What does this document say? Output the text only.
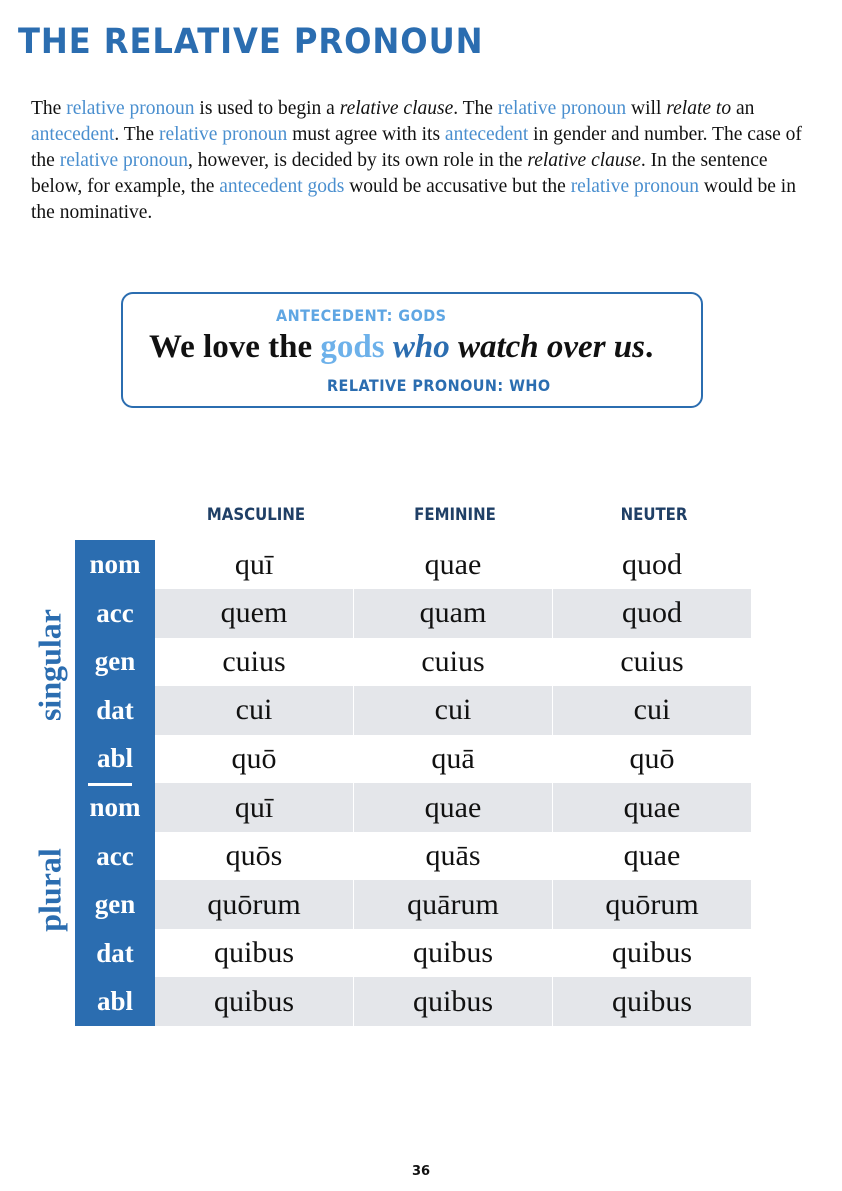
THE RELATIVE PRONOUN

The relative pronoun is used to begin a relative clause. The relative pronoun will relate to an antecedent. The relative pronoun must agree with its antecedent in gender and number. The case of the relative pronoun, however, is decided by its own role in the relative clause. In the sentence below, for example, the antecedent gods would be accusative but the relative pronoun would be in the nominative.

ANTECEDENT: GODS
We love the gods who watch over us.
RELATIVE PRONOUN: WHO
MASCULINE	FEMININE	NEUTER
singular
plural
nom	quī	quae	quod
acc	quem	quam	quod
gen	cuius	cuius	cuius
dat	cui	cui	cui
abl	quō	quā	quō
nom	quī	quae	quae
acc	quōs	quās	quae
gen	quōrum	quārum	quōrum
dat	quibus	quibus	quibus
abl	quibus	quibus	quibus
36
